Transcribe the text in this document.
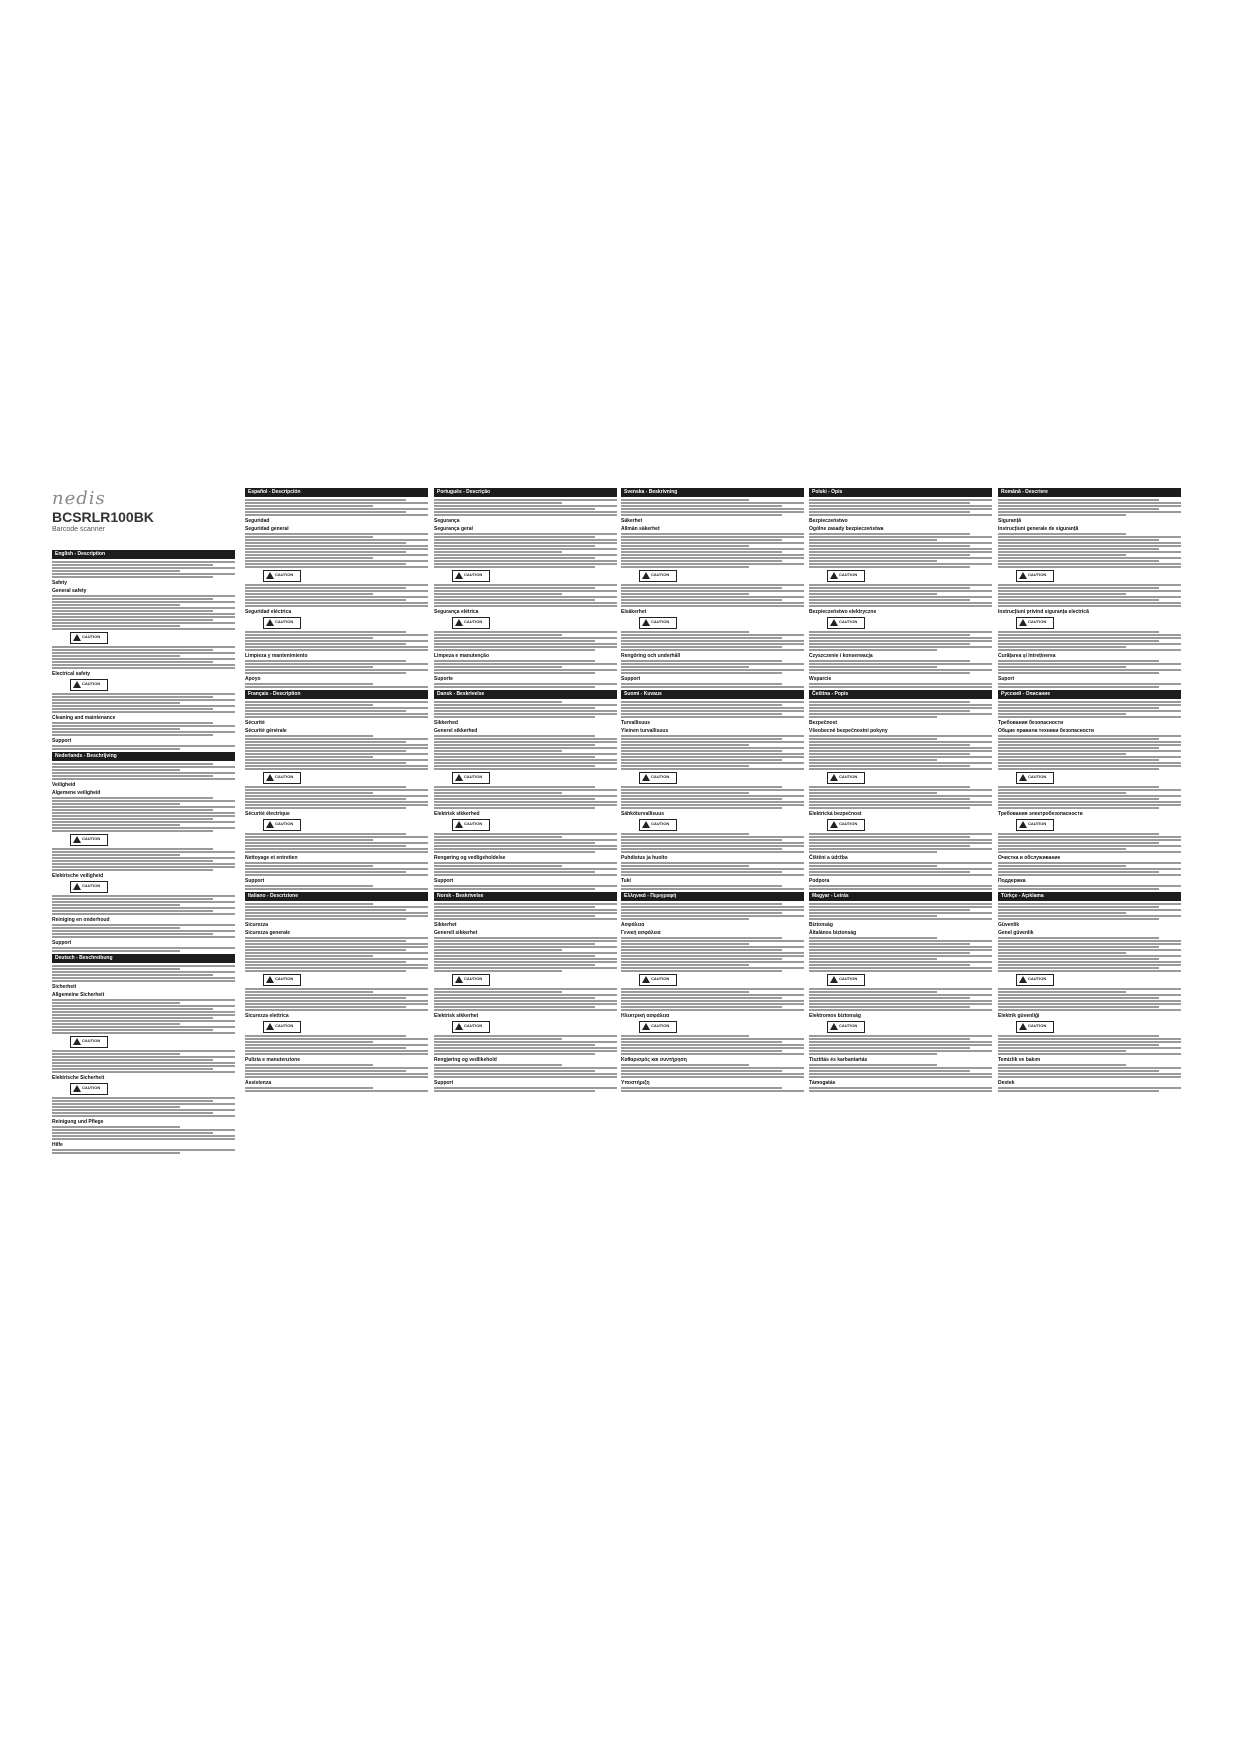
nedis
BCSRLR100BK
Barcode scanner
English - Description
Safety
General safety
CAUTION
Electrical safety
CAUTION
Cleaning and maintenance
Support
Nederlands - Beschrijving
Veiligheid
Algemene veiligheid
CAUTION
Elektrische veiligheid
CAUTION
Reiniging en onderhoud
Support
Deutsch - Beschreibung
Sicherheit
Allgemeine Sicherheit
CAUTION
Elektrische Sicherheit
CAUTION
Reinigung und Pflege
Hilfe
Español - Descripción
Seguridad
Seguridad general
CAUTION
Seguridad eléctrica
CAUTION
Limpieza y mantenimiento
Apoyo
Français - Description
Sécurité
Sécurité générale
CAUTION
Sécurité électrique
CAUTION
Nettoyage et entretien
Support
Italiano - Descrizione
Sicurezza
Sicurezza generale
CAUTION
Sicurezza elettrica
CAUTION
Pulizia e manutenzione
Assistenza
Português - Descrição
Segurança
Segurança geral
CAUTION
Segurança elétrica
CAUTION
Limpeza e manutenção
Suporte
Dansk - Beskrivelse
Sikkerhed
Generel sikkerhed
CAUTION
Elektrisk sikkerhed
CAUTION
Rengøring og vedligeholdelse
Support
Norsk - Beskrivelse
Sikkerhet
Generell sikkerhet
CAUTION
Elektrisk sikkerhet
CAUTION
Rengjøring og vedlikehold
Support
Svenska - Beskrivning
Säkerhet
Allmän säkerhet
CAUTION
Elsäkerhet
CAUTION
Rengöring och underhåll
Support
Suomi - Kuvaus
Turvallisuus
Yleinen turvallisuus
CAUTION
Sähköturvallisuus
CAUTION
Puhdistus ja huolto
Tuki
Ελληνικά - Περιγραφή
Ασφάλεια
Γενική ασφάλεια
CAUTION
Ηλεκτρική ασφάλεια
CAUTION
Καθαρισμός και συντήρηση
Υποστήριξη
Polski - Opis
Bezpieczeństwo
Ogólne zasady bezpieczeństwa
CAUTION
Bezpieczeństwo elektryczne
CAUTION
Czyszczenie i konserwacja
Wsparcie
Čeština - Popis
Bezpečnost
Všeobecné bezpečnostní pokyny
CAUTION
Elektrická bezpečnost
CAUTION
Čištění a údržba
Podpora
Magyar - Leírás
Biztonság
Általános biztonság
CAUTION
Elektromos biztonság
CAUTION
Tisztítás és karbantartás
Támogatás
Română - Descriere
Siguranță
Instrucțiuni generale de siguranță
CAUTION
Instrucțiuni privind siguranța electrică
CAUTION
Curățarea și întreținerea
Suport
Русский - Описание
Требования безопасности
Общие правила техники безопасности
CAUTION
Требования электробезопасности
CAUTION
Очистка и обслуживание
Поддержка
Türkçe - Açıklama
Güvenlik
Genel güvenlik
CAUTION
Elektrik güvenliği
CAUTION
Temizlik ve bakım
Destek
